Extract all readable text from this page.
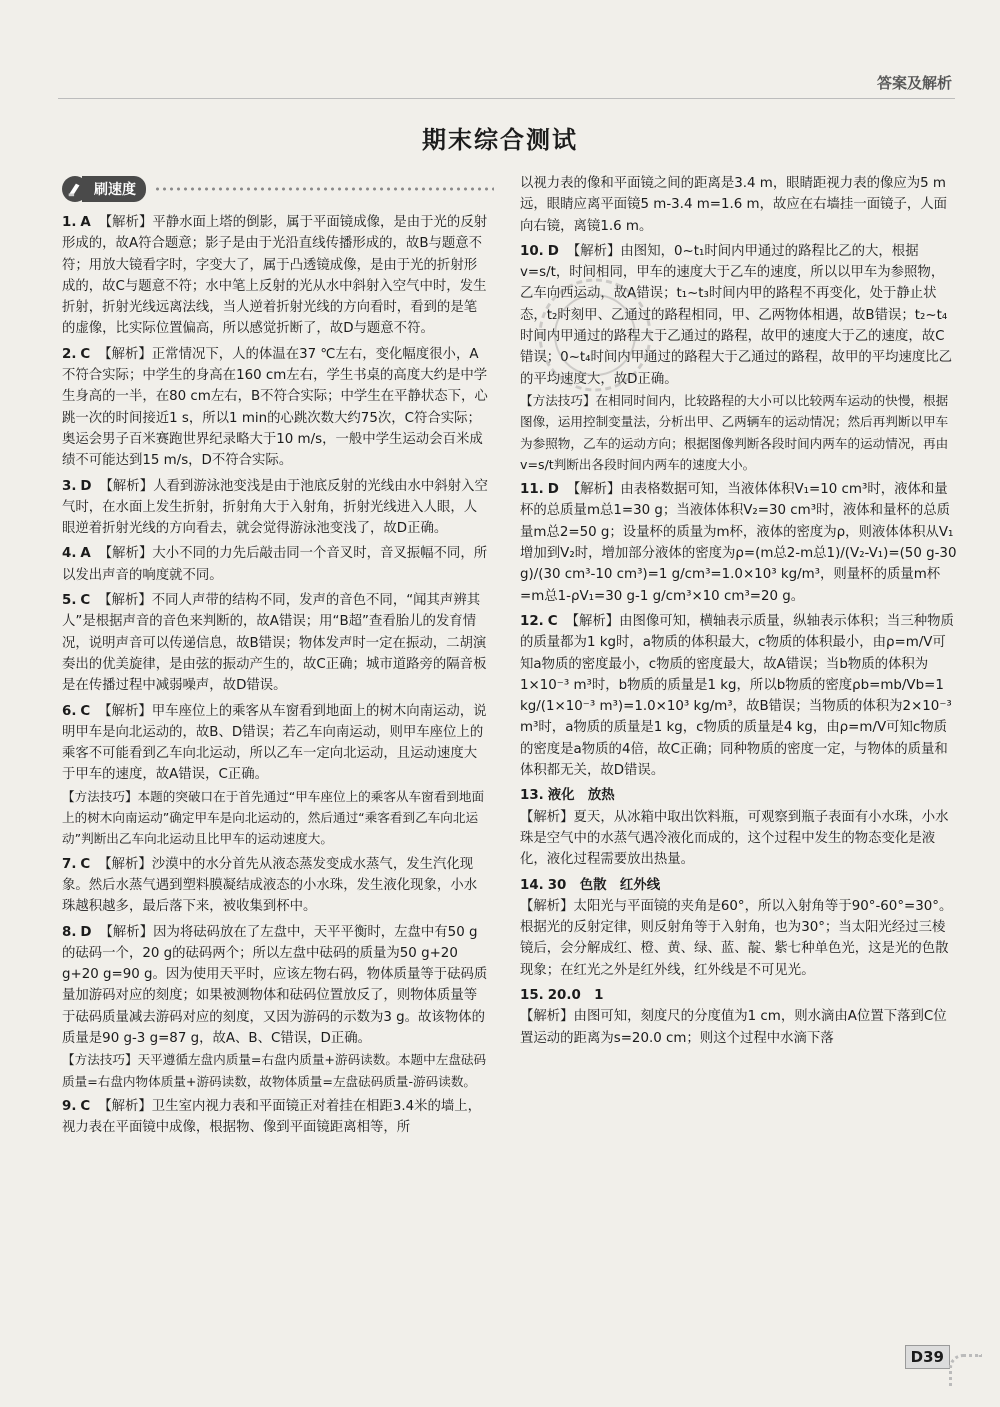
答案及解析
期末综合测试
刷速度
1. A 【解析】平静水面上塔的倒影，属于平面镜成像，是由于光的反射形成的，故A符合题意；影子是由于光沿直线传播形成的，故B与题意不符；用放大镜看字时，字变大了，属于凸透镜成像，是由于光的折射形成的，故C与题意不符；水中笔上反射的光从水中斜射入空气中时，发生折射，折射光线远离法线，当人逆着折射光线的方向看时，看到的是笔的虚像，比实际位置偏高，所以感觉折断了，故D与题意不符。
2. C 【解析】正常情况下，人的体温在37 ℃左右，变化幅度很小，A不符合实际；中学生的身高在160 cm左右，学生书桌的高度大约是中学生身高的一半，在80 cm左右，B不符合实际；中学生在平静状态下，心跳一次的时间接近1 s，所以1 min的心跳次数大约75次，C符合实际；奥运会男子百米赛跑世界纪录略大于10 m/s，一般中学生运动会百米成绩不可能达到15 m/s，D不符合实际。
3. D 【解析】人看到游泳池变浅是由于池底反射的光线由水中斜射入空气时，在水面上发生折射，折射角大于入射角，折射光线进入人眼，人眼逆着折射光线的方向看去，就会觉得游泳池变浅了，故D正确。
4. A 【解析】大小不同的力先后敲击同一个音叉时，音叉振幅不同，所以发出声音的响度就不同。
5. C 【解析】不同人声带的结构不同，发声的音色不同，“闻其声辨其人”是根据声音的音色来判断的，故A错误；用“B超”查看胎儿的发育情况，说明声音可以传递信息，故B错误；物体发声时一定在振动，二胡演奏出的优美旋律，是由弦的振动产生的，故C正确；城市道路旁的隔音板是在传播过程中减弱噪声，故D错误。
6. C 【解析】甲车座位上的乘客从车窗看到地面上的树木向南运动，说明甲车是向北运动的，故B、D错误；若乙车向南运动，则甲车座位上的乘客不可能看到乙车向北运动，所以乙车一定向北运动，且运动速度大于甲车的速度，故A错误，C正确。
【方法技巧】本题的突破口在于首先通过“甲车座位上的乘客从车窗看到地面上的树木向南运动”确定甲车是向北运动的，然后通过“乘客看到乙车向北运动”判断出乙车向北运动且比甲车的运动速度大。
7. C 【解析】沙漠中的水分首先从液态蒸发变成水蒸气，发生汽化现象。然后水蒸气遇到塑料膜凝结成液态的小水珠，发生液化现象，小水珠越积越多，最后落下来，被收集到杯中。
8. D 【解析】因为将砝码放在了左盘中，天平平衡时，左盘中有50 g的砝码一个，20 g的砝码两个；所以左盘中砝码的质量为50 g+20 g+20 g=90 g。因为使用天平时，应该左物右码，物体质量等于砝码质量加游码对应的刻度；如果被测物体和砝码位置放反了，则物体质量等于砝码质量减去游码对应的刻度，又因为游码的示数为3 g。故该物体的质量是90 g-3 g=87 g，故A、B、C错误，D正确。
【方法技巧】天平遵循左盘内质量=右盘内质量+游码读数。本题中左盘砝码质量=右盘内物体质量+游码读数，故物体质量=左盘砝码质量-游码读数。
9. C 【解析】卫生室内视力表和平面镜正对着挂在相距3.4米的墙上，视力表在平面镜中成像，根据物、像到平面镜距离相等，所
以视力表的像和平面镜之间的距离是3.4 m，眼睛距视力表的像应为5 m远，眼睛应离平面镜5 m-3.4 m=1.6 m，故应在右墙挂一面镜子，人面向右镜，离镜1.6 m。
10. D 【解析】由图知，0~t₁时间内甲通过的路程比乙的大，根据v=s/t，时间相同，甲车的速度大于乙车的速度，所以以甲车为参照物，乙车向西运动，故A错误；t₁~t₃时间内甲的路程不再变化，处于静止状态，t₂时刻甲、乙通过的路程相同，甲、乙两物体相遇，故B错误；t₂~t₄时间内甲通过的路程大于乙通过的路程，故甲的速度大于乙的速度，故C错误；0~t₄时间内甲通过的路程大于乙通过的路程，故甲的平均速度比乙的平均速度大，故D正确。
【方法技巧】在相同时间内，比较路程的大小可以比较两车运动的快慢，根据图像，运用控制变量法，分析出甲、乙两辆车的运动情况；然后再判断以甲车为参照物，乙车的运动方向；根据图像判断各段时间内两车的运动情况，再由v=s/t判断出各段时间内两车的速度大小。
11. D 【解析】由表格数据可知，当液体体积V₁=10 cm³时，液体和量杯的总质量m总1=30 g；当液体体积V₂=30 cm³时，液体和量杯的总质量m总2=50 g；设量杯的质量为m杯，液体的密度为ρ，则液体体积从V₁增加到V₂时，增加部分液体的密度为ρ=(m总2-m总1)/(V₂-V₁)=(50 g-30 g)/(30 cm³-10 cm³)=1 g/cm³=1.0×10³ kg/m³，则量杯的质量m杯=m总1-ρV₁=30 g-1 g/cm³×10 cm³=20 g。
12. C 【解析】由图像可知，横轴表示质量，纵轴表示体积；当三种物质的质量都为1 kg时，a物质的体积最大，c物质的体积最小，由ρ=m/V可知a物质的密度最小，c物质的密度最大，故A错误；当b物质的体积为1×10⁻³ m³时，b物质的质量是1 kg，所以b物质的密度ρb=mb/Vb=1 kg/(1×10⁻³ m³)=1.0×10³ kg/m³，故B错误；当物质的体积为2×10⁻³ m³时，a物质的质量是1 kg，c物质的质量是4 kg，由ρ=m/V可知c物质的密度是a物质的4倍，故C正确；同种物质的密度一定，与物体的质量和体积都无关，故D错误。
13. 液化　放热
【解析】夏天，从冰箱中取出饮料瓶，可观察到瓶子表面有小水珠，小水珠是空气中的水蒸气遇冷液化而成的，这个过程中发生的物态变化是液化，液化过程需要放出热量。
14. 30　色散　红外线
【解析】太阳光与平面镜的夹角是60°，所以入射角等于90°-60°=30°。根据光的反射定律，则反射角等于入射角，也为30°；当太阳光经过三棱镜后，会分解成红、橙、黄、绿、蓝、靛、紫七种单色光，这是光的色散现象；在红光之外是红外线，红外线是不可见光。
15. 20.0　1
【解析】由图可知，刻度尺的分度值为1 cm，则水滴由A位置下落到C位置运动的距离为s=20.0 cm；则这个过程中水滴下落
D39
